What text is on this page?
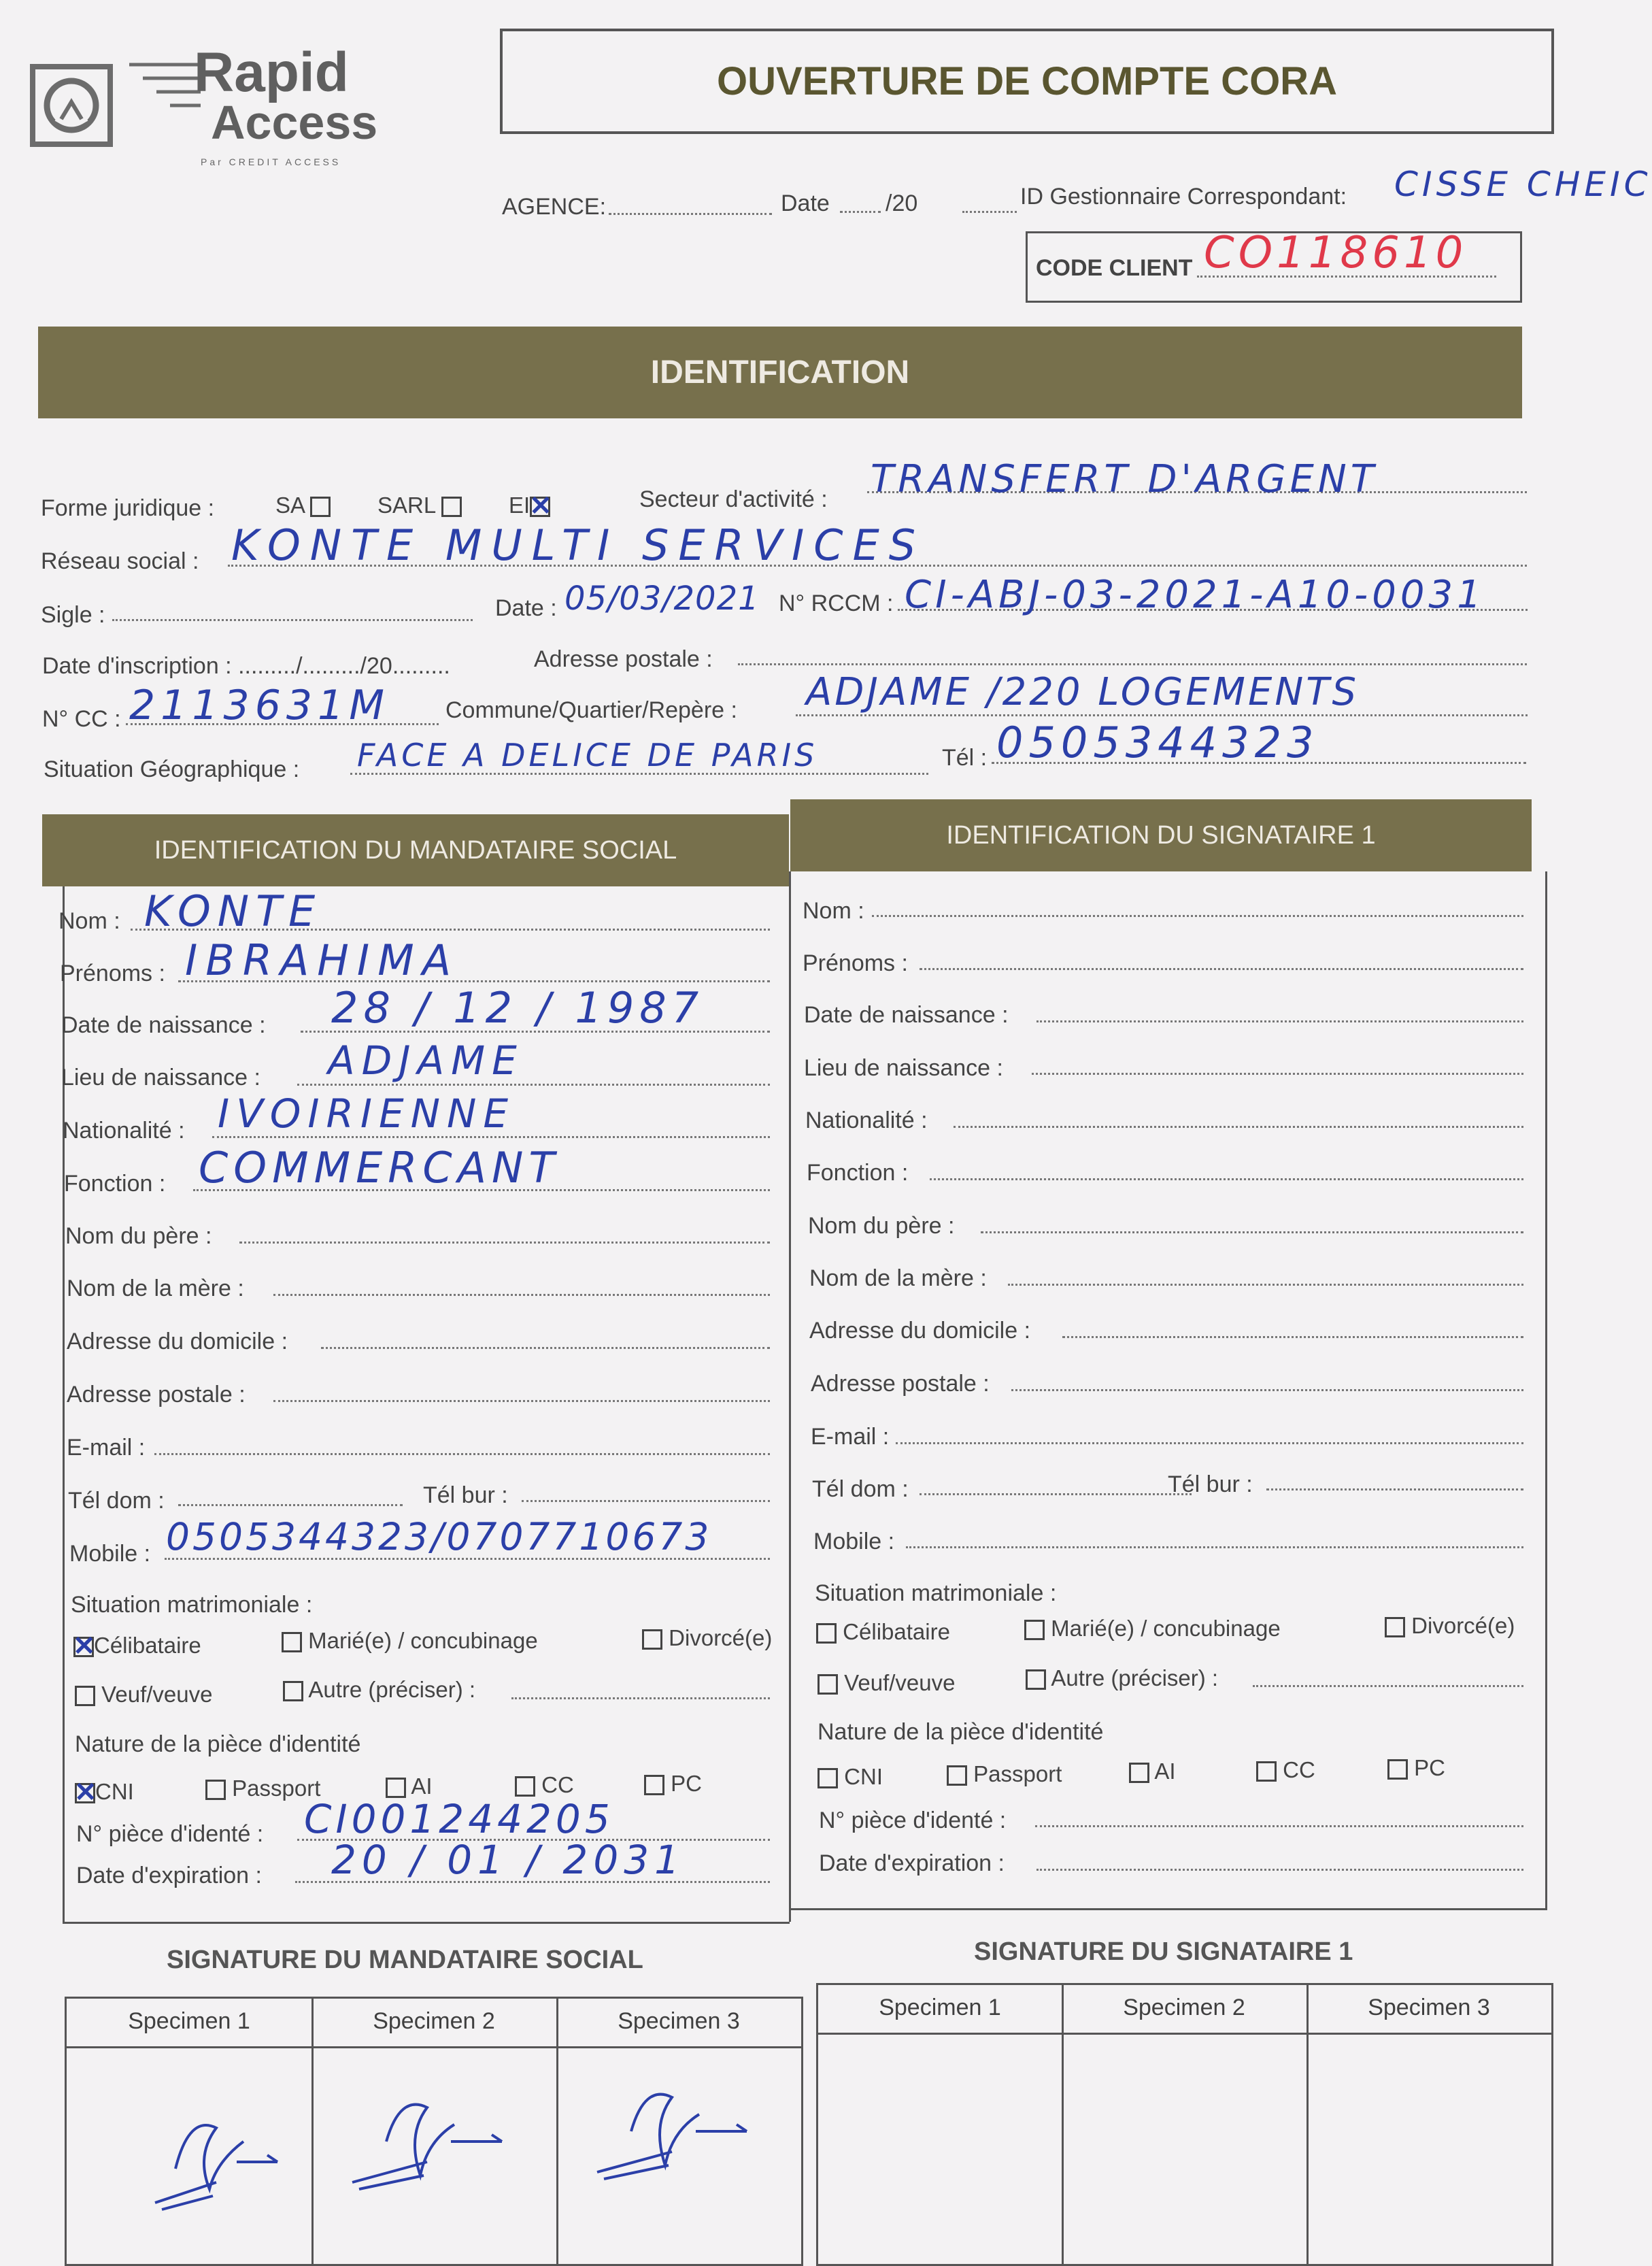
Rapid
Access
Par CREDIT ACCESS
OUVERTURE DE COMPTE CORA
AGENCE:	Date /20	ID Gestionnaire Correspondant: CISSE CHEIC
CODE CLIENT CO118610
IDENTIFICATION
Forme juridique :	SA	SARL	EI✕	Secteur d'activité : TRANSFERT D'ARGENT
Réseau social : KONTE MULTI SERVICES
Sigle :	Date : 05/03/2021 N° RCCM : CI-ABJ-03-2021-A10-0031
Date d'inscription : ........./........./20.........	Adresse postale :
N° CC : 2113631M Commune/Quartier/Repère : ADJAME /220 LOGEMENTS
Situation Géographique : FACE A DELICE DE PARIS	Tél : 0505344323
IDENTIFICATION DU MANDATAIRE SOCIAL
IDENTIFICATION DU SIGNATAIRE 1
Nom : KONTE
Prénoms : IBRAHIMA
Date de naissance : 28 / 12 / 1987
Lieu de naissance : ADJAME
Nationalité : IVOIRIENNE
Fonction : COMMERCANT
Nom du père :
Nom de la mère :
Adresse du domicile :
Adresse postale :
E-mail :
Tél dom :	Tél bur :
Mobile : 0505344323/0707710673
Situation matrimoniale :
✕Célibataire	Marié(e) / concubinage	Divorcé(e)
Veuf/veuve	Autre (préciser) :
Nature de la pièce d'identité
✕CNI	Passport	AI	CC	PC
N° pièce d'identé : CI001244205
Date d'expiration : 20 / 01 / 2031
Nom :
Prénoms :
Date de naissance :
Lieu de naissance :
Nationalité :
Fonction :
Nom du père :
Nom de la mère :
Adresse du domicile :
Adresse postale :
E-mail :
Tél dom :	Tél bur :
Mobile :
Situation matrimoniale :
Célibataire	Marié(e) / concubinage	Divorcé(e)
Veuf/veuve	Autre (préciser) :
Nature de la pièce d'identité
CNI	Passport	AI	CC	PC
N° pièce d'identé :
Date d'expiration :
SIGNATURE DU MANDATAIRE SOCIAL	SIGNATURE DU SIGNATAIRE 1
Specimen 1	Specimen 2	Specimen 3
Specimen 1	Specimen 2	Specimen 3
